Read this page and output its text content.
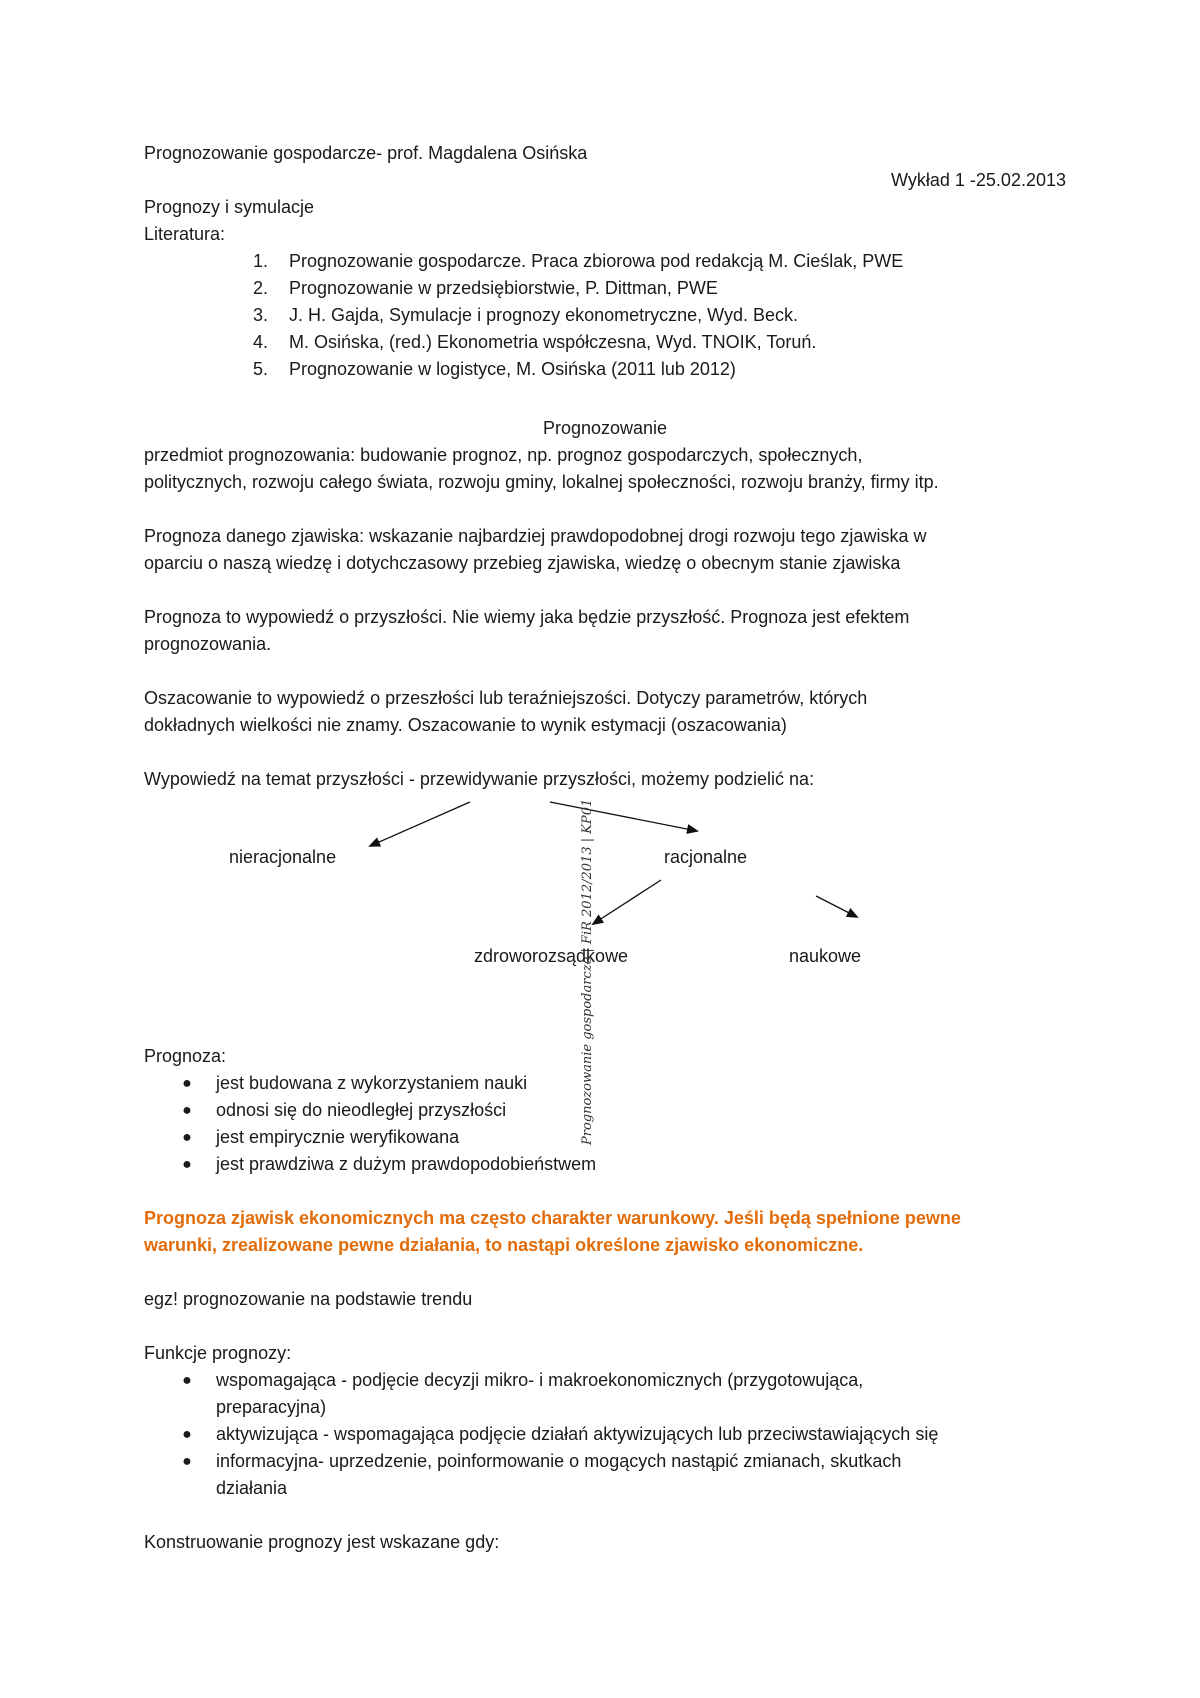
Prognozowanie gospodarcze- prof. Magdalena Osińska
Wykład 1 -25.02.2013
Prognozy i symulacje
Literatura:
1.	Prognozowanie gospodarcze. Praca zbiorowa pod redakcją M. Cieślak, PWE
2.	Prognozowanie w przedsiębiorstwie, P. Dittman, PWE
3.	J. H. Gajda, Symulacje i prognozy ekonometryczne, Wyd. Beck.
4.	M. Osińska, (red.) Ekonometria współczesna, Wyd. TNOIK, Toruń.
5.	Prognozowanie w logistyce, M. Osińska (2011 lub 2012)
Prognozowanie
przedmiot prognozowania: budowanie prognoz, np. prognoz gospodarczych, społecznych,
politycznych, rozwoju całego świata, rozwoju gminy, lokalnej społeczności, rozwoju branży, firmy itp.
Prognoza danego zjawiska: wskazanie najbardziej prawdopodobnej drogi rozwoju tego zjawiska w
oparciu o naszą wiedzę i dotychczasowy przebieg zjawiska, wiedzę o obecnym stanie zjawiska
Prognoza to wypowiedź o przyszłości. Nie wiemy jaka będzie przyszłość. Prognoza jest efektem
prognozowania.
Oszacowanie to wypowiedź o przeszłości lub teraźniejszości. Dotyczy parametrów, których
dokładnych wielkości nie znamy. Oszacowanie to wynik estymacji (oszacowania)
Wypowiedź na temat przyszłości - przewidywanie przyszłości, możemy podzielić na:
nieracjonalne	racjonalne
zdroworozsądkowe	naukowe
Prognoza:
● jest budowana z wykorzystaniem nauki
● odnosi się do nieodległej przyszłości
● jest empirycznie weryfikowana
● jest prawdziwa z dużym prawdopodobieństwem
Prognoza zjawisk ekonomicznych ma często charakter warunkowy. Jeśli będą spełnione pewne
warunki, zrealizowane pewne działania, to nastąpi określone zjawisko ekonomiczne.
egz! prognozowanie na podstawie trendu
Funkcje prognozy:
● wspomagająca - podjęcie decyzji mikro- i makroekonomicznych (przygotowująca,
preparacyjna)
● aktywizująca - wspomagająca podjęcie działań aktywizujących lub przeciwstawiających się
● informacyjna- uprzedzenie, poinformowanie o mogących nastąpić zmianach, skutkach
działania
Konstruowanie prognozy jest wskazane gdy:
Prognozowanie gospodarcze | FiR 2012/2013 | KP01
